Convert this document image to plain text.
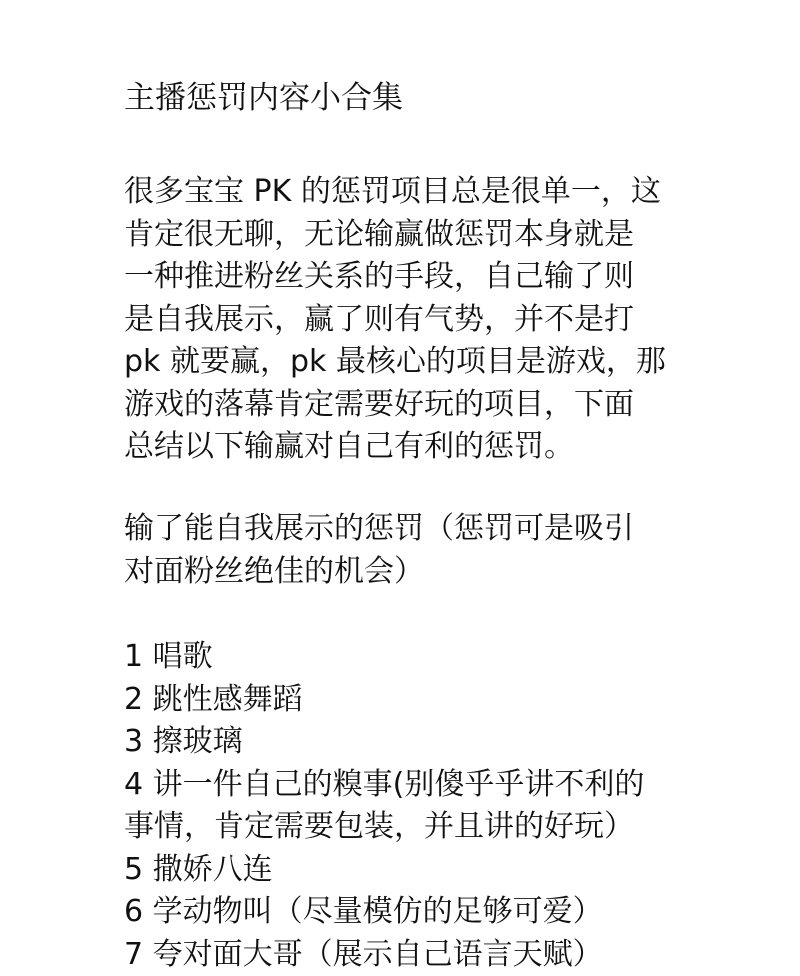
主播惩罚内容小合集
很多宝宝 PK 的惩罚项目总是很单一，这
肯定很无聊，无论输赢做惩罚本身就是
一种推进粉丝关系的手段，自己输了则
是自我展示，赢了则有气势，并不是打
pk 就要赢，pk 最核心的项目是游戏，那
游戏的落幕肯定需要好玩的项目，下面
总结以下输赢对自己有利的惩罚。
输了能自我展示的惩罚（惩罚可是吸引
对面粉丝绝佳的机会）
1 唱歌
2 跳性感舞蹈
3 擦玻璃
4 讲一件自己的糗事(别傻乎乎讲不利的
事情，肯定需要包装，并且讲的好玩）
5 撒娇八连
6 学动物叫（尽量模仿的足够可爱）
7 夸对面大哥（展示自己语言天赋）
